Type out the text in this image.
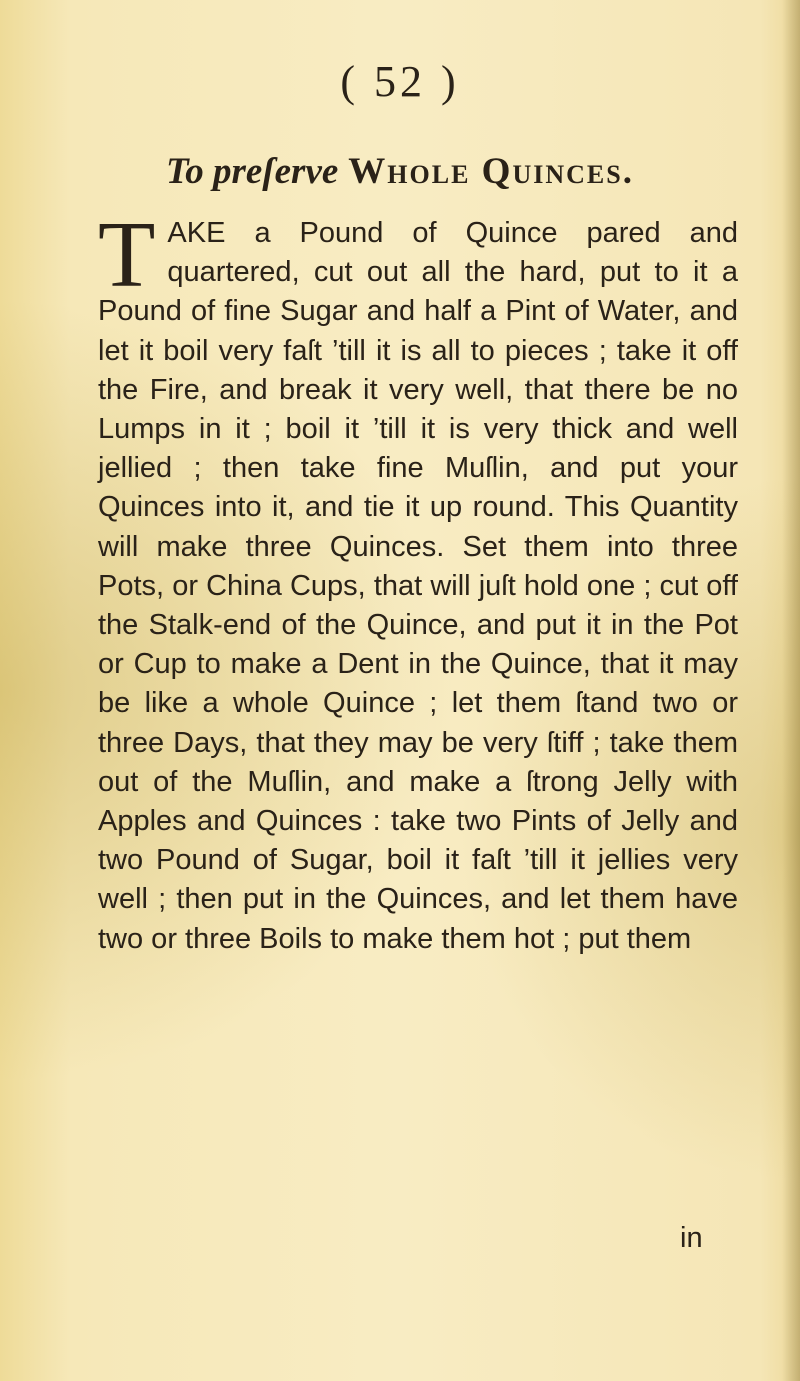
( 52 )

To preſerve Whole Quinces.

TAKE a Pound of Quince pared and quartered, cut out all the hard, put to it a Pound of fine Sugar and half a Pint of Water, and let it boil very faſt ’till it is all to pieces ; take it off the Fire, and break it very well, that there be no Lumps in it ; boil it ’till it is very thick and well jellied ; then take fine Muſlin, and put your Quinces into it, and tie it up round. This Quantity will make three Quinces. Set them into three Pots, or China Cups, that will juſt hold one ; cut off the Stalk-end of the Quince, and put it in the Pot or Cup to make a Dent in the Quince, that it may be like a whole Quince ; let them ſtand two or three Days, that they may be very ſtiff ; take them out of the Muſlin, and make a ſtrong Jelly with Apples and Quinces : take two Pints of Jelly and two Pound of Sugar, boil it faſt ’till it jellies very well ; then put in the Quinces, and let them have two or three Boils to make them hot ; put them

in
